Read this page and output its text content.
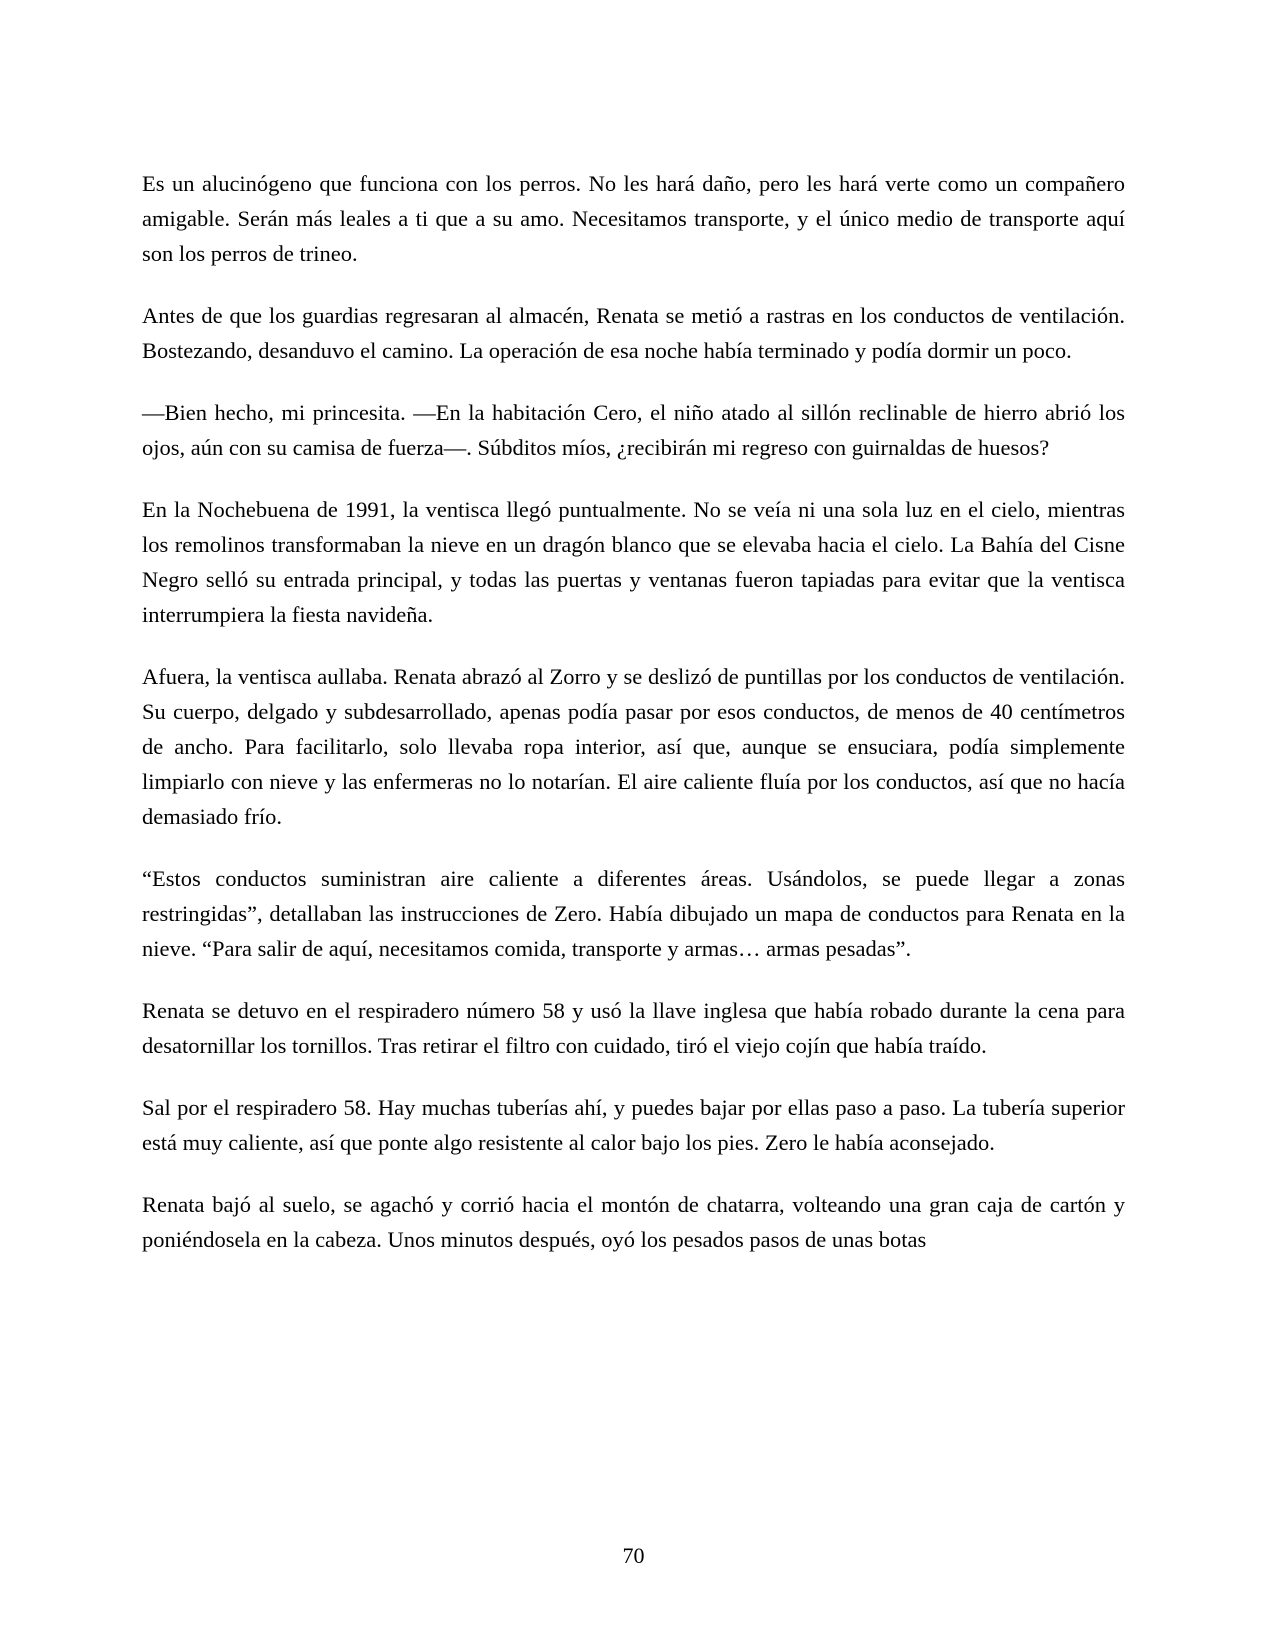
Es un alucinógeno que funciona con los perros. No les hará daño, pero les hará verte como un compañero amigable. Serán más leales a ti que a su amo. Necesitamos transporte, y el único medio de transporte aquí son los perros de trineo.

Antes de que los guardias regresaran al almacén, Renata se metió a rastras en los conductos de ventilación. Bostezando, desanduvo el camino. La operación de esa noche había terminado y podía dormir un poco.

—Bien hecho, mi princesita. —En la habitación Cero, el niño atado al sillón reclinable de hierro abrió los ojos, aún con su camisa de fuerza—. Súbditos míos, ¿recibirán mi regreso con guirnaldas de huesos?

En la Nochebuena de 1991, la ventisca llegó puntualmente. No se veía ni una sola luz en el cielo, mientras los remolinos transformaban la nieve en un dragón blanco que se elevaba hacia el cielo. La Bahía del Cisne Negro selló su entrada principal, y todas las puertas y ventanas fueron tapiadas para evitar que la ventisca interrumpiera la fiesta navideña.

Afuera, la ventisca aullaba. Renata abrazó al Zorro y se deslizó de puntillas por los conductos de ventilación. Su cuerpo, delgado y subdesarrollado, apenas podía pasar por esos conductos, de menos de 40 centímetros de ancho. Para facilitarlo, solo llevaba ropa interior, así que, aunque se ensuciara, podía simplemente limpiarlo con nieve y las enfermeras no lo notarían. El aire caliente fluía por los conductos, así que no hacía demasiado frío.

“Estos conductos suministran aire caliente a diferentes áreas. Usándolos, se puede llegar a zonas restringidas”, detallaban las instrucciones de Zero. Había dibujado un mapa de conductos para Renata en la nieve. “Para salir de aquí, necesitamos comida, transporte y armas… armas pesadas”.

Renata se detuvo en el respiradero número 58 y usó la llave inglesa que había robado durante la cena para desatornillar los tornillos. Tras retirar el filtro con cuidado, tiró el viejo cojín que había traído.

Sal por el respiradero 58. Hay muchas tuberías ahí, y puedes bajar por ellas paso a paso. La tubería superior está muy caliente, así que ponte algo resistente al calor bajo los pies. Zero le había aconsejado.

Renata bajó al suelo, se agachó y corrió hacia el montón de chatarra, volteando una gran caja de cartón y poniéndosela en la cabeza. Unos minutos después, oyó los pesados pasos de unas botas

70
